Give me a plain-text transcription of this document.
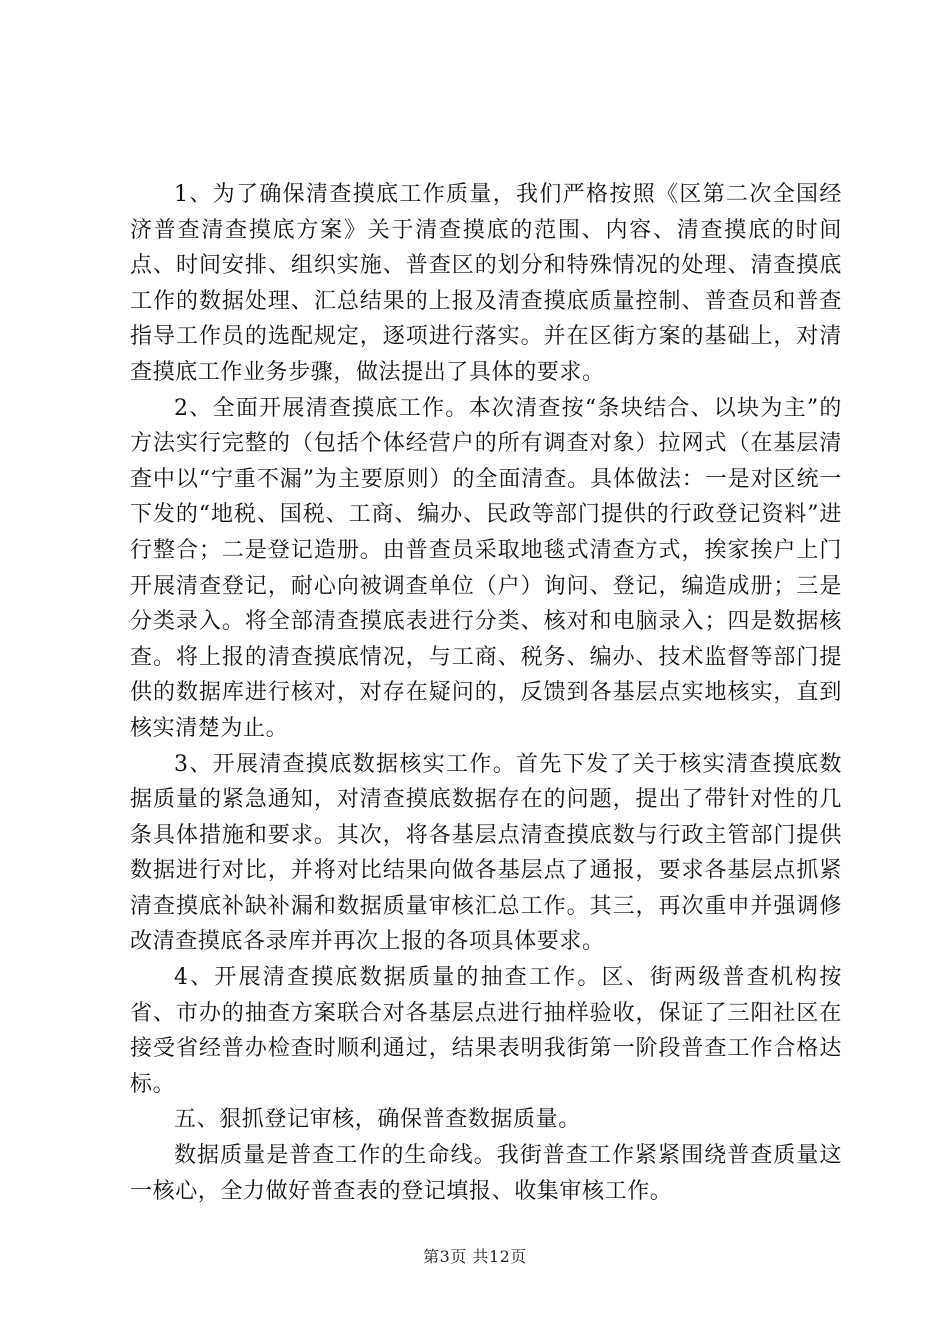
1、为了确保清查摸底工作质量，我们严格按照《区第二次全国经济普查清查摸底方案》关于清查摸底的范围、内容、清查摸底的时间点、时间安排、组织实施、普查区的划分和特殊情况的处理、清查摸底工作的数据处理、汇总结果的上报及清查摸底质量控制、普查员和普查指导工作员的选配规定，逐项进行落实。并在区街方案的基础上，对清查摸底工作业务步骤，做法提出了具体的要求。

2、全面开展清查摸底工作。本次清查按“条块结合、以块为主”的方法实行完整的（包括个体经营户的所有调查对象）拉网式（在基层清查中以“宁重不漏”为主要原则）的全面清查。具体做法：一是对区统一下发的“地税、国税、工商、编办、民政等部门提供的行政登记资料”进行整合；二是登记造册。由普查员采取地毯式清查方式，挨家挨户上门开展清查登记，耐心向被调查单位（户）询问、登记，编造成册；三是分类录入。将全部清查摸底表进行分类、核对和电脑录入；四是数据核查。将上报的清查摸底情况，与工商、税务、编办、技术监督等部门提供的数据库进行核对，对存在疑问的，反馈到各基层点实地核实，直到核实清楚为止。

3、开展清查摸底数据核实工作。首先下发了关于核实清查摸底数据质量的紧急通知，对清查摸底数据存在的问题，提出了带针对性的几条具体措施和要求。其次，将各基层点清查摸底数与行政主管部门提供数据进行对比，并将对比结果向做各基层点了通报，要求各基层点抓紧清查摸底补缺补漏和数据质量审核汇总工作。其三，再次重申并强调修改清查摸底各录库并再次上报的各项具体要求。

4、开展清查摸底数据质量的抽查工作。区、街两级普查机构按省、市办的抽查方案联合对各基层点进行抽样验收，保证了三阳社区在接受省经普办检查时顺利通过，结果表明我街第一阶段普查工作合格达标。

五、狠抓登记审核，确保普查数据质量。

数据质量是普查工作的生命线。我街普查工作紧紧围绕普查质量这一核心，全力做好普查表的登记填报、收集审核工作。

第3页 共12页
